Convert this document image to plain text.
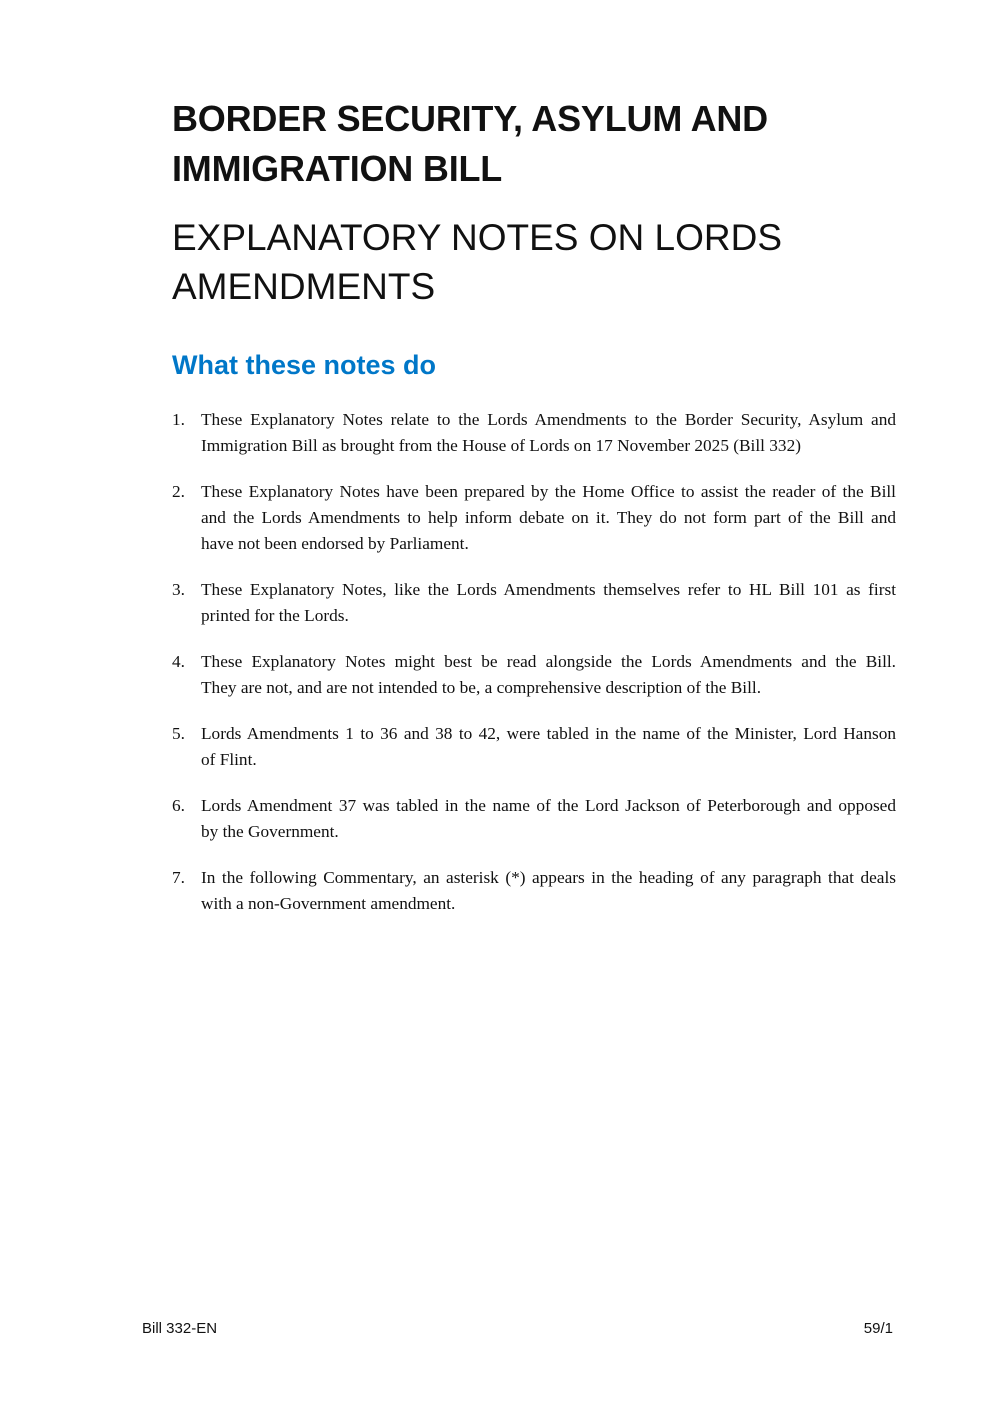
BORDER SECURITY, ASYLUM AND
IMMIGRATION BILL
EXPLANATORY NOTES ON LORDS
AMENDMENTS
What these notes do
1. These Explanatory Notes relate to the Lords Amendments to the Border Security, Asylum and
Immigration Bill as brought from the House of Lords on 17 November 2025 (Bill 332)
2. These Explanatory Notes have been prepared by the Home Office to assist the reader of the Bill
and the Lords Amendments to help inform debate on it. They do not form part of the Bill and
have not been endorsed by Parliament.
3. These Explanatory Notes, like the Lords Amendments themselves refer to HL Bill 101 as first
printed for the Lords.
4. These Explanatory Notes might best be read alongside the Lords Amendments and the Bill.
They are not, and are not intended to be, a comprehensive description of the Bill.
5. Lords Amendments 1 to 36 and 38 to 42, were tabled in the name of the Minister, Lord Hanson
of Flint.
6. Lords Amendment 37 was tabled in the name of the Lord Jackson of Peterborough and opposed
by the Government.
7. In the following Commentary, an asterisk (*) appears in the heading of any paragraph that deals
with a non-Government amendment.
Bill 332-EN	59/1
